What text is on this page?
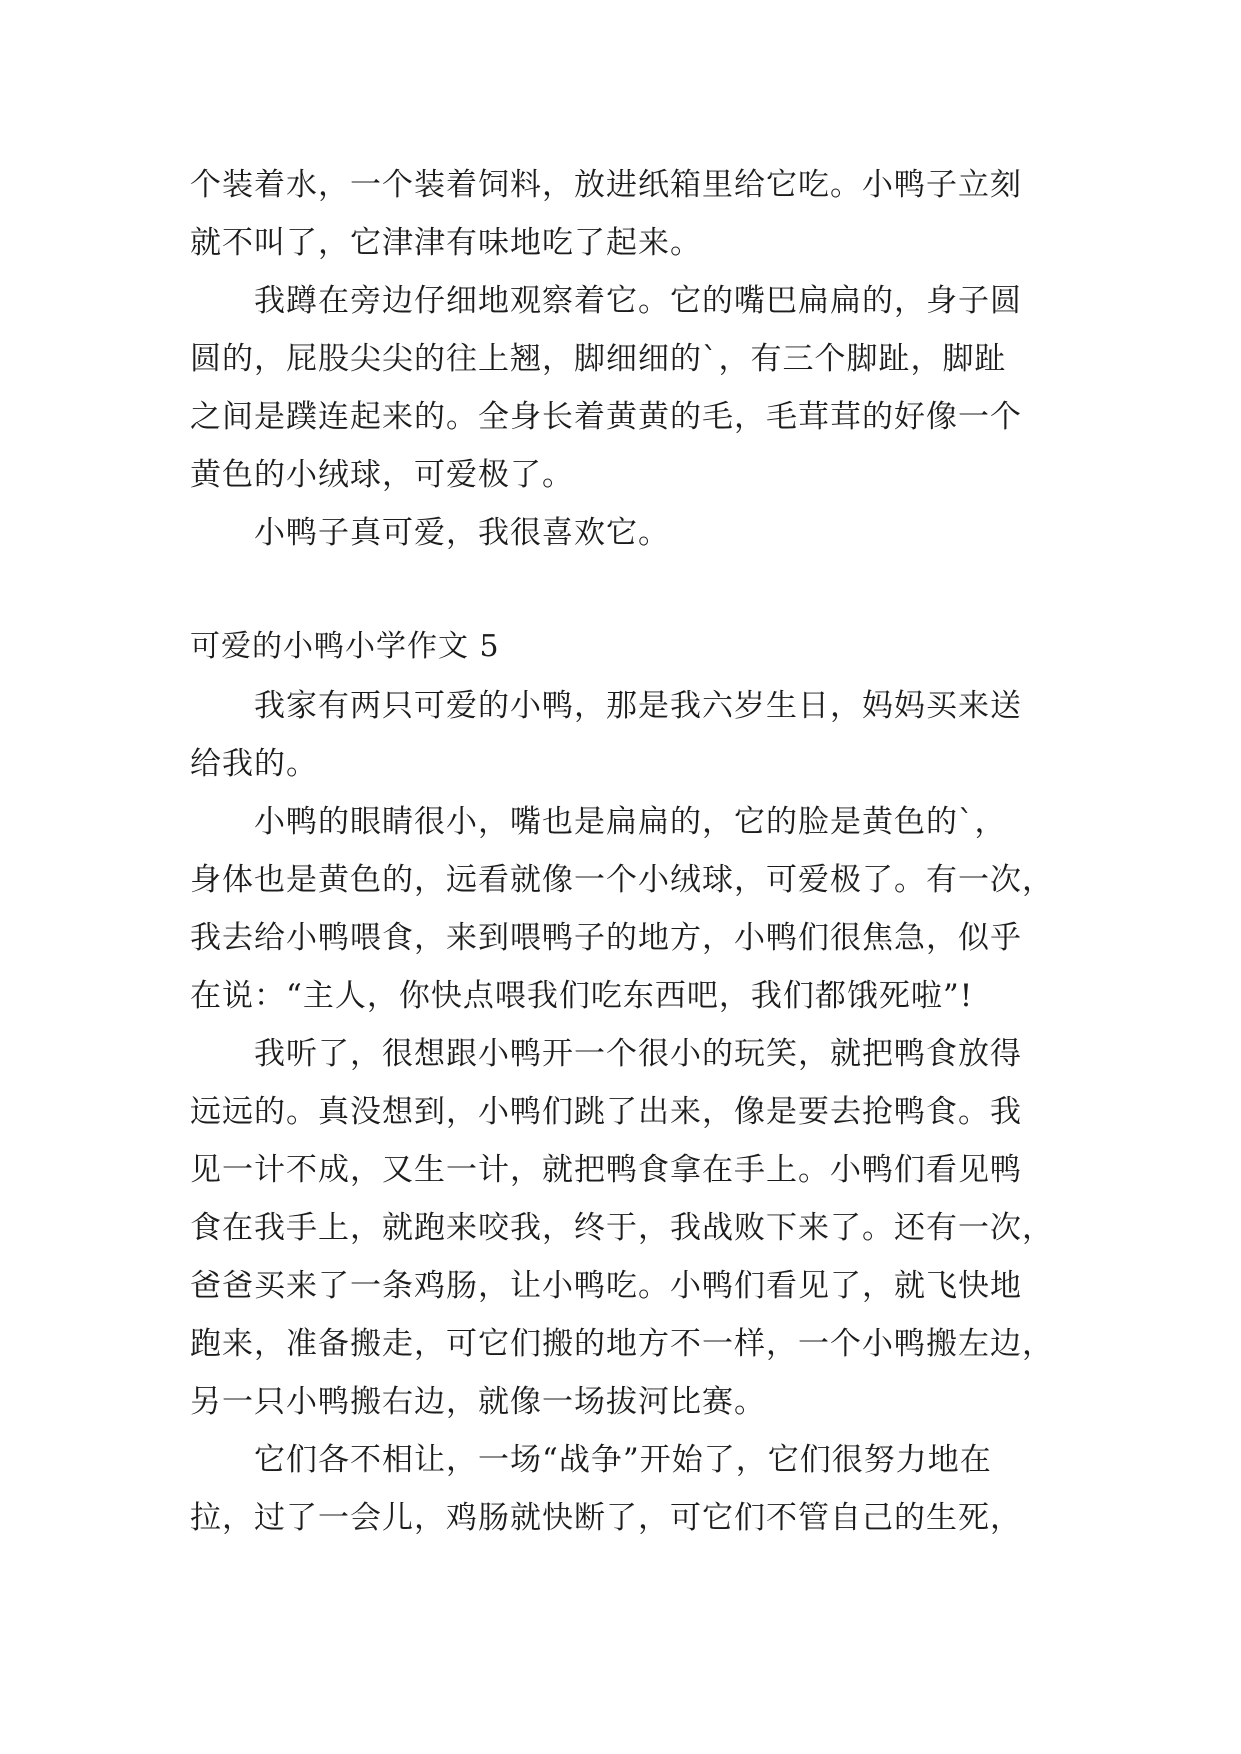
个装着水，一个装着饲料，放进纸箱里给它吃。小鸭子立刻
就不叫了，它津津有味地吃了起来。
我蹲在旁边仔细地观察着它。它的嘴巴扁扁的，身子圆
圆的，屁股尖尖的往上翘，脚细细的`，有三个脚趾，脚趾
之间是蹼连起来的。全身长着黄黄的毛，毛茸茸的好像一个
黄色的小绒球，可爱极了。
小鸭子真可爱，我很喜欢它。
可爱的小鸭小学作文 5
我家有两只可爱的小鸭，那是我六岁生日，妈妈买来送
给我的。
小鸭的眼睛很小，嘴也是扁扁的，它的脸是黄色的`，
身体也是黄色的，远看就像一个小绒球，可爱极了。有一次，
我去给小鸭喂食，来到喂鸭子的地方，小鸭们很焦急，似乎
在说：“主人，你快点喂我们吃东西吧，我们都饿死啦”!
我听了，很想跟小鸭开一个很小的玩笑，就把鸭食放得
远远的。真没想到，小鸭们跳了出来，像是要去抢鸭食。我
见一计不成，又生一计，就把鸭食拿在手上。小鸭们看见鸭
食在我手上，就跑来咬我，终于，我战败下来了。还有一次，
爸爸买来了一条鸡肠，让小鸭吃。小鸭们看见了，就飞快地
跑来，准备搬走，可它们搬的地方不一样，一个小鸭搬左边，
另一只小鸭搬右边，就像一场拔河比赛。
它们各不相让，一场“战争”开始了，它们很努力地在
拉，过了一会儿，鸡肠就快断了，可它们不管自己的生死，
